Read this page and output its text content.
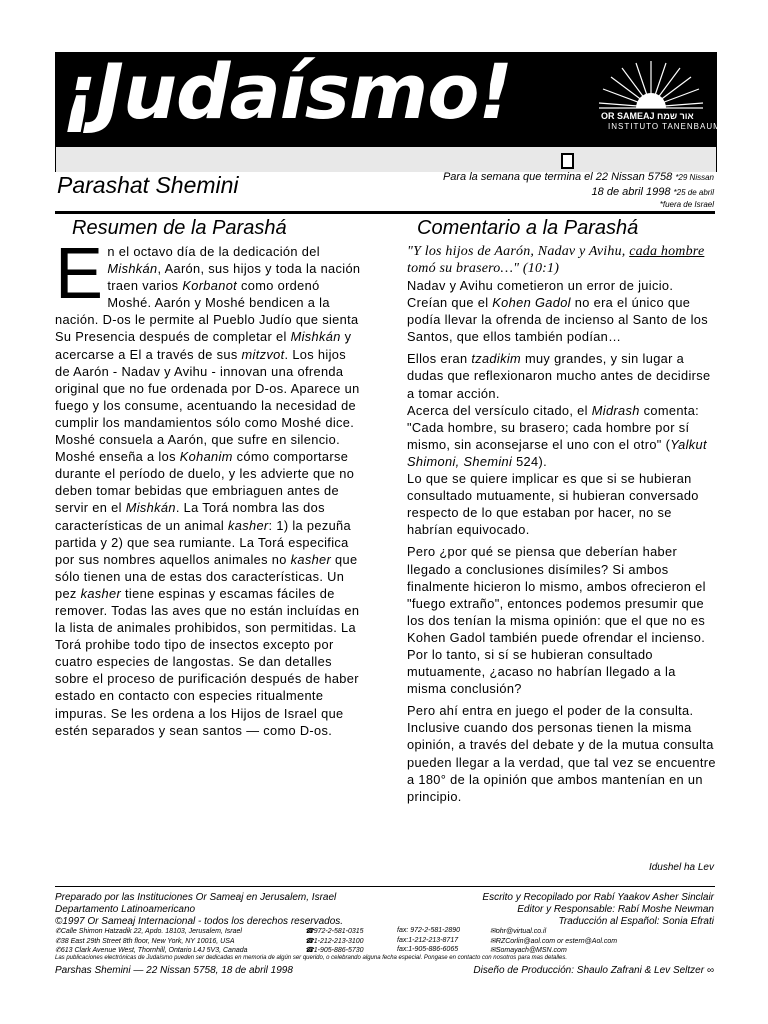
¡Judaísmo!	OR SAMEAJ אור שמח
INSTITUTO TANENBAUM
Parashat Shemini	Para la semana que termina el 22 Nissan 5758 *29 Nissan
18 de abril 1998 *25 de abril
*fuera de Israel
Resumen de la Parashá
En el octavo día de la dedicación del Mishkán, Aarón, sus hijos y toda la nación traen varios Korbanot como ordenó Moshé. Aarón y Moshé bendicen a la nación. D-os le permite al Pueblo Judío que sienta Su Presencia después de completar el Mishkán y acercarse a El a través de sus mitzvot. Los hijos de Aarón - Nadav y Avihu - innovan una ofrenda original que no fue ordenada por D-os. Aparece un fuego y los consume, acentuando la necesidad de cumplir los mandamientos sólo como Moshé dice. Moshé consuela a Aarón, que sufre en silencio. Moshé enseña a los Kohanim cómo comportarse durante el período de duelo, y les advierte que no deben tomar bebidas que embriaguen antes de servir en el Mishkán. La Torá nombra las dos características de un animal kasher: 1) la pezuña partida y 2) que sea rumiante. La Torá especifica por sus nombres aquellos animales no kasher que sólo tienen una de estas dos características. Un pez kasher tiene espinas y escamas fáciles de remover. Todas las aves que no están incluídas en la lista de animales prohibidos, son permitidas. La Torá prohibe todo tipo de insectos excepto por cuatro especies de langostas. Se dan detalles sobre el proceso de purificación después de haber estado en contacto con especies ritualmente impuras. Se les ordena a los Hijos de Israel que estén separados y sean santos — como D-os.
Comentario a la Parashá

"Y los hijos de Aarón, Nadav y Avihu, cada hombre tomó su brasero…" (10:1)

Nadav y Avihu cometieron un error de juicio. Creían que el Kohen Gadol no era el único que podía llevar la ofrenda de incienso al Santo de los Santos, que ellos también podían…

Ellos eran tzadikim muy grandes, y sin lugar a dudas que reflexionaron mucho antes de decidirse a tomar acción.
Acerca del versículo citado, el Midrash comenta: "Cada hombre, su brasero; cada hombre por sí mismo, sin aconsejarse el uno con el otro" (Yalkut Shimoni, Shemini 524).
Lo que se quiere implicar es que si se hubieran consultado mutuamente, si hubieran conversado respecto de lo que estaban por hacer, no se habrían equivocado.

Pero ¿por qué se piensa que deberían haber llegado a conclusiones disímiles? Si ambos finalmente hicieron lo mismo, ambos ofrecieron el "fuego extraño", entonces podemos presumir que los dos tenían la misma opinión: que el que no es Kohen Gadol también puede ofrendar el incienso. Por lo tanto, si sí se hubieran consultado mutuamente, ¿acaso no habrían llegado a la misma conclusión?

Pero ahí entra en juego el poder de la consulta. Inclusive cuando dos personas tienen la misma opinión, a través del debate y de la mutua consulta pueden llegar a la verdad, que tal vez se encuentre a 180° de la opinión que ambos mantenían en un principio.

Idushel ha Lev
Preparado por las Instituciones Or Sameaj en Jerusalem, Israel
Departamento Latinoamericano
©1997 Or Sameaj Internacional - todos los derechos reservados.
Escrito y Recopilado por Rabí Yaakov Asher Sinclair
Editor y Responsable: Rabí Moshe Newman
Traducción al Español: Sonia Efrati
✆Calle Shimon Hatzadik 22, Apdo. 18103, Jerusalem, Israel	☎972-2-581-0315	fax: 972-2-581-2890	✉ohr@virtual.co.il
✆38 East 29th Street 8th floor, New York, NY 10016, USA	☎1-212-213-3100	fax:1-212-213-8717	✉RZCorlin@aol.com or estern@Aol.com
✆613 Clark Avenue West, Thornhill, Ontario L4J 5V3, Canada	☎1-905-886-5730	fax:1-905-886-6065	✉Somayach@MSN.com
Las publicaciones electrónicas de Judaísmo pueden ser dedicadas en memoria de algún ser querido, o celebrando alguna fecha especial. Pongase en contacto con nosotros para mas detalles.
Parshas Shemini — 22 Nissan 5758, 18 de abril 1998	Diseño de Producción: Shaulo Zafrani & Lev Seltzer ∞
